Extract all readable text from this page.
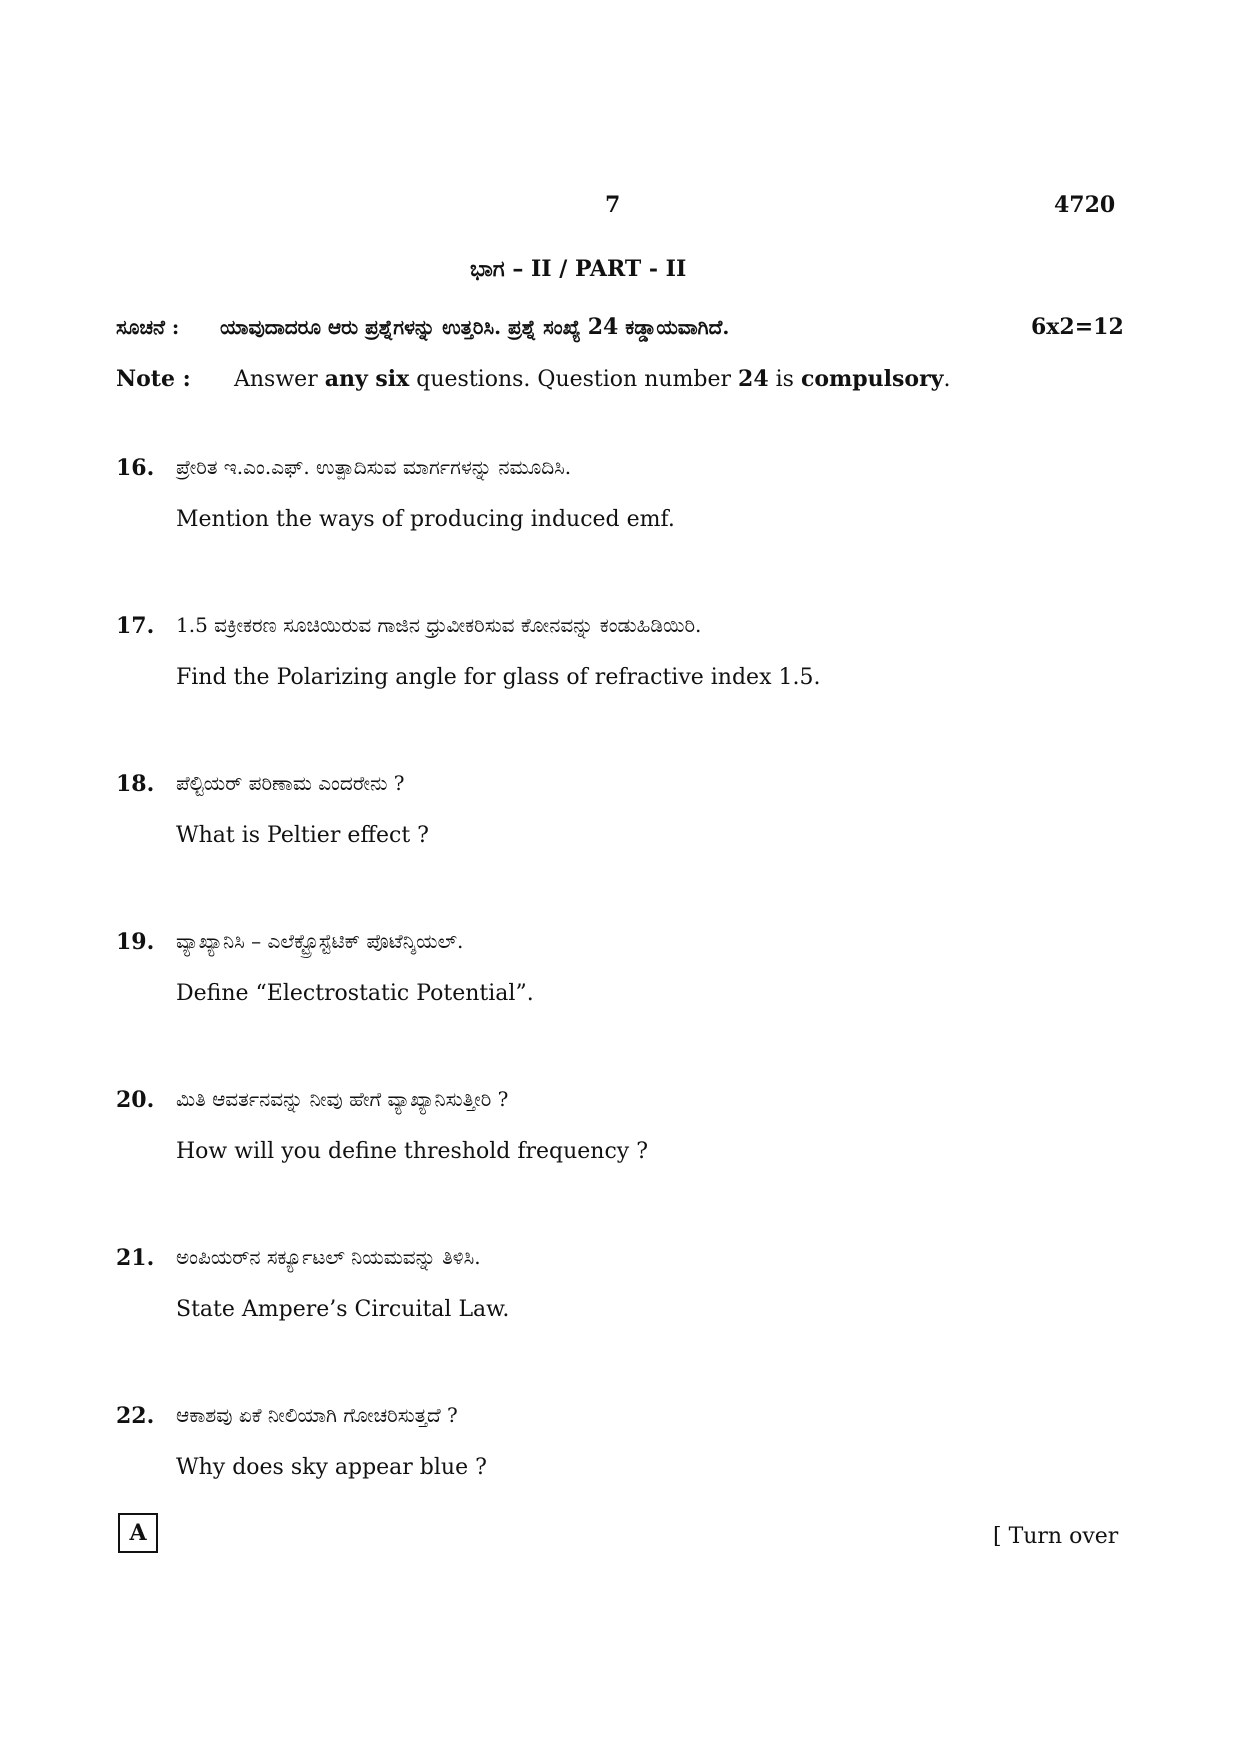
7	4720
ಭಾಗ – II / PART - II
ಸೂಚನೆ : ಯಾವುದಾದರೂ ಆರು ಪ್ರಶ್ನೆಗಳನ್ನು ಉತ್ತರಿಸಿ. ಪ್ರಶ್ನೆ ಸಂಖ್ಯೆ 24 ಕಡ್ಡಾಯವಾಗಿದೆ.	6x2=12
Note : Answer any six questions. Question number 24 is compulsory.
16. ಪ್ರೇರಿತ ಇ.ಎಂ.ಎಫ್. ಉತ್ಪಾದಿಸುವ ಮಾರ್ಗಗಳನ್ನು ನಮೂದಿಸಿ.
Mention the ways of producing induced emf.
17. 1.5 ವಕ್ರೀಕರಣ ಸೂಚಿಯಿರುವ ಗಾಜಿನ ಧ್ರುವೀಕರಿಸುವ ಕೋನವನ್ನು ಕಂಡುಹಿಡಿಯಿರಿ.
Find the Polarizing angle for glass of refractive index 1.5.
18. ಪೆಲ್ಟಿಯರ್ ಪರಿಣಾಮ ಎಂದರೇನು ?
What is Peltier effect ?
19. ವ್ಯಾಖ್ಯಾನಿಸಿ – ಎಲೆಕ್ಟ್ರೊಸ್ಟೆಟಿಕ್ ಪೊಟೆನ್ಶಿಯಲ್.
Define “Electrostatic Potential”.
20. ಮಿತಿ ಆವರ್ತನವನ್ನು ನೀವು ಹೇಗೆ ವ್ಯಾಖ್ಯಾನಿಸುತ್ತೀರಿ ?
How will you define threshold frequency ?
21. ಅಂಪಿಯರ್‌ನ ಸರ್ಕ್ಯೂಟಲ್ ನಿಯಮವನ್ನು ತಿಳಿಸಿ.
State Ampere’s Circuital Law.
22. ಆಕಾಶವು ಏಕೆ ನೀಲಿಯಾಗಿ ಗೋಚರಿಸುತ್ತದೆ ?
Why does sky appear blue ?
A	[ Turn over
